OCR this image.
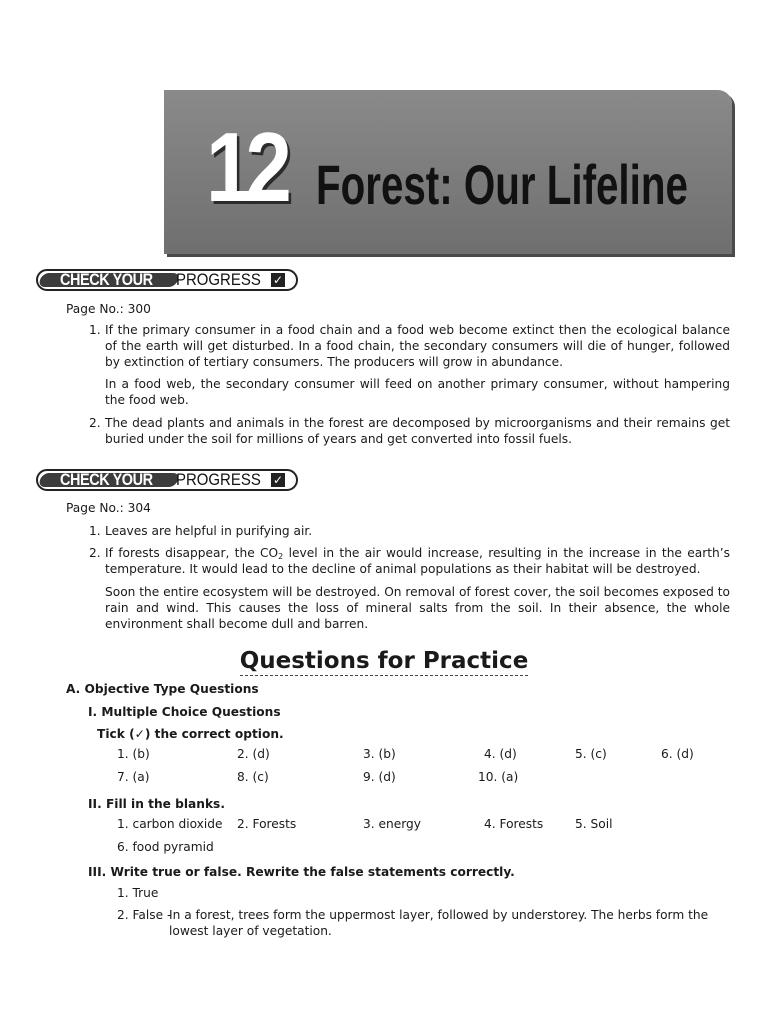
12 Forest: Our Lifeline
CHECK YOUR PROGRESS ✓
Page No.: 300
1. If the primary consumer in a food chain and a food web become extinct then the ecological balance of the earth will get disturbed. In a food chain, the secondary consumers will die of hunger, followed by extinction of tertiary consumers. The producers will grow in abundance.
In a food web, the secondary consumer will feed on another primary consumer, without hampering the food web.
2. The dead plants and animals in the forest are decomposed by microorganisms and their remains get buried under the soil for millions of years and get converted into fossil fuels.
CHECK YOUR PROGRESS ✓
Page No.: 304
1. Leaves are helpful in purifying air.
2. If forests disappear, the $CO_2$ level in the air would increase, resulting in the increase in the earth’s temperature. It would lead to the decline of animal populations as their habitat will be destroyed.
Soon the entire ecosystem will be destroyed. On removal of forest cover, the soil becomes exposed to rain and wind. This causes the loss of mineral salts from the soil. In their absence, the whole environment shall become dull and barren.
Questions for Practice
A. Objective Type Questions
I. Multiple Choice Questions
Tick (✓) the correct option.
1. (b)	2. (d)	3. (b)	4. (d)	5. (c)	6. (d)
7. (a)	8. (c)	9. (d)	10. (a)
II. Fill in the blanks.
1. carbon dioxide 2. Forests	3. energy	4. Forests	5. Soil
6. food pyramid
III. Write true or false. Rewrite the false statements correctly.
1. True
2. False -
In a forest, trees form the uppermost layer, followed by understorey. The herbs form the lowest layer of vegetation.
